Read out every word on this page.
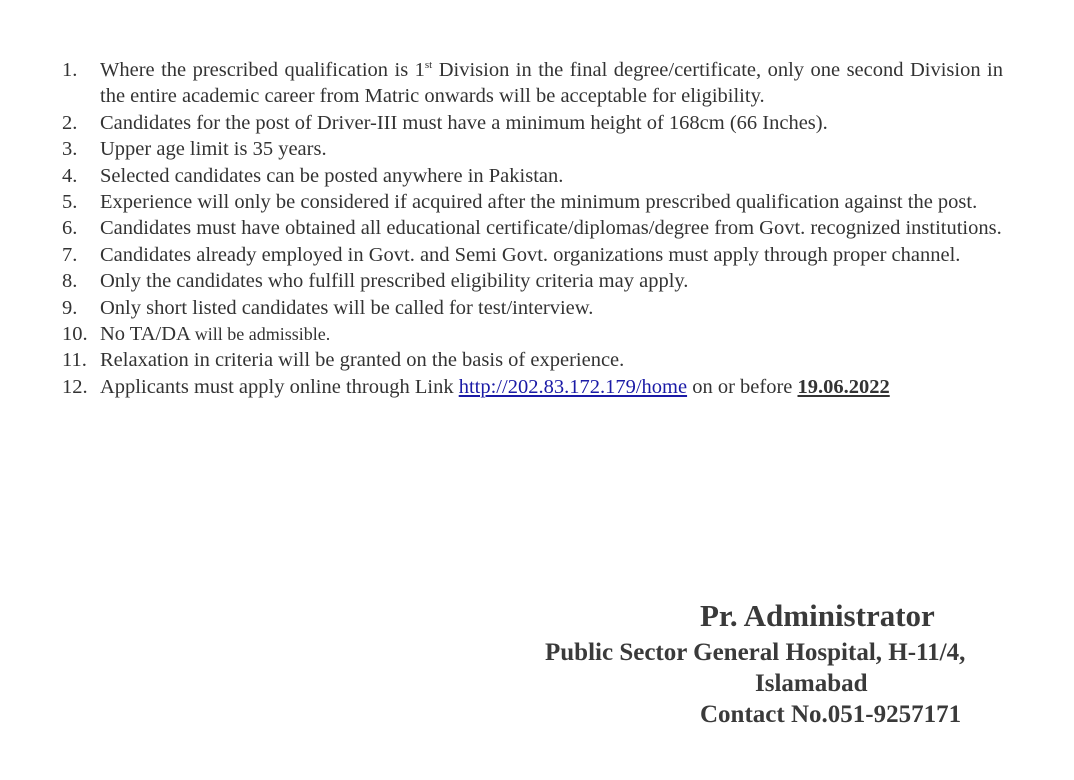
1. Where the prescribed qualification is 1st Division in the final degree/certificate, only one second Division in the entire academic career from Matric onwards will be acceptable for eligibility.
2. Candidates for the post of Driver-III must have a minimum height of 168cm (66 Inches).
3. Upper age limit is 35 years.
4. Selected candidates can be posted anywhere in Pakistan.
5. Experience will only be considered if acquired after the minimum prescribed qualification against the post.
6. Candidates must have obtained all educational certificate/diplomas/degree from Govt. recognized institutions.
7. Candidates already employed in Govt. and Semi Govt. organizations must apply through proper channel.
8. Only the candidates who fulfill prescribed eligibility criteria may apply.
9. Only short listed candidates will be called for test/interview.
10. No TA/DA will be admissible.
11. Relaxation in criteria will be granted on the basis of experience.
12. Applicants must apply online through Link http://202.83.172.179/home on or before 19.06.2022
Pr. Administrator
Public Sector General Hospital, H-11/4,
Islamabad
Contact No.051-9257171
